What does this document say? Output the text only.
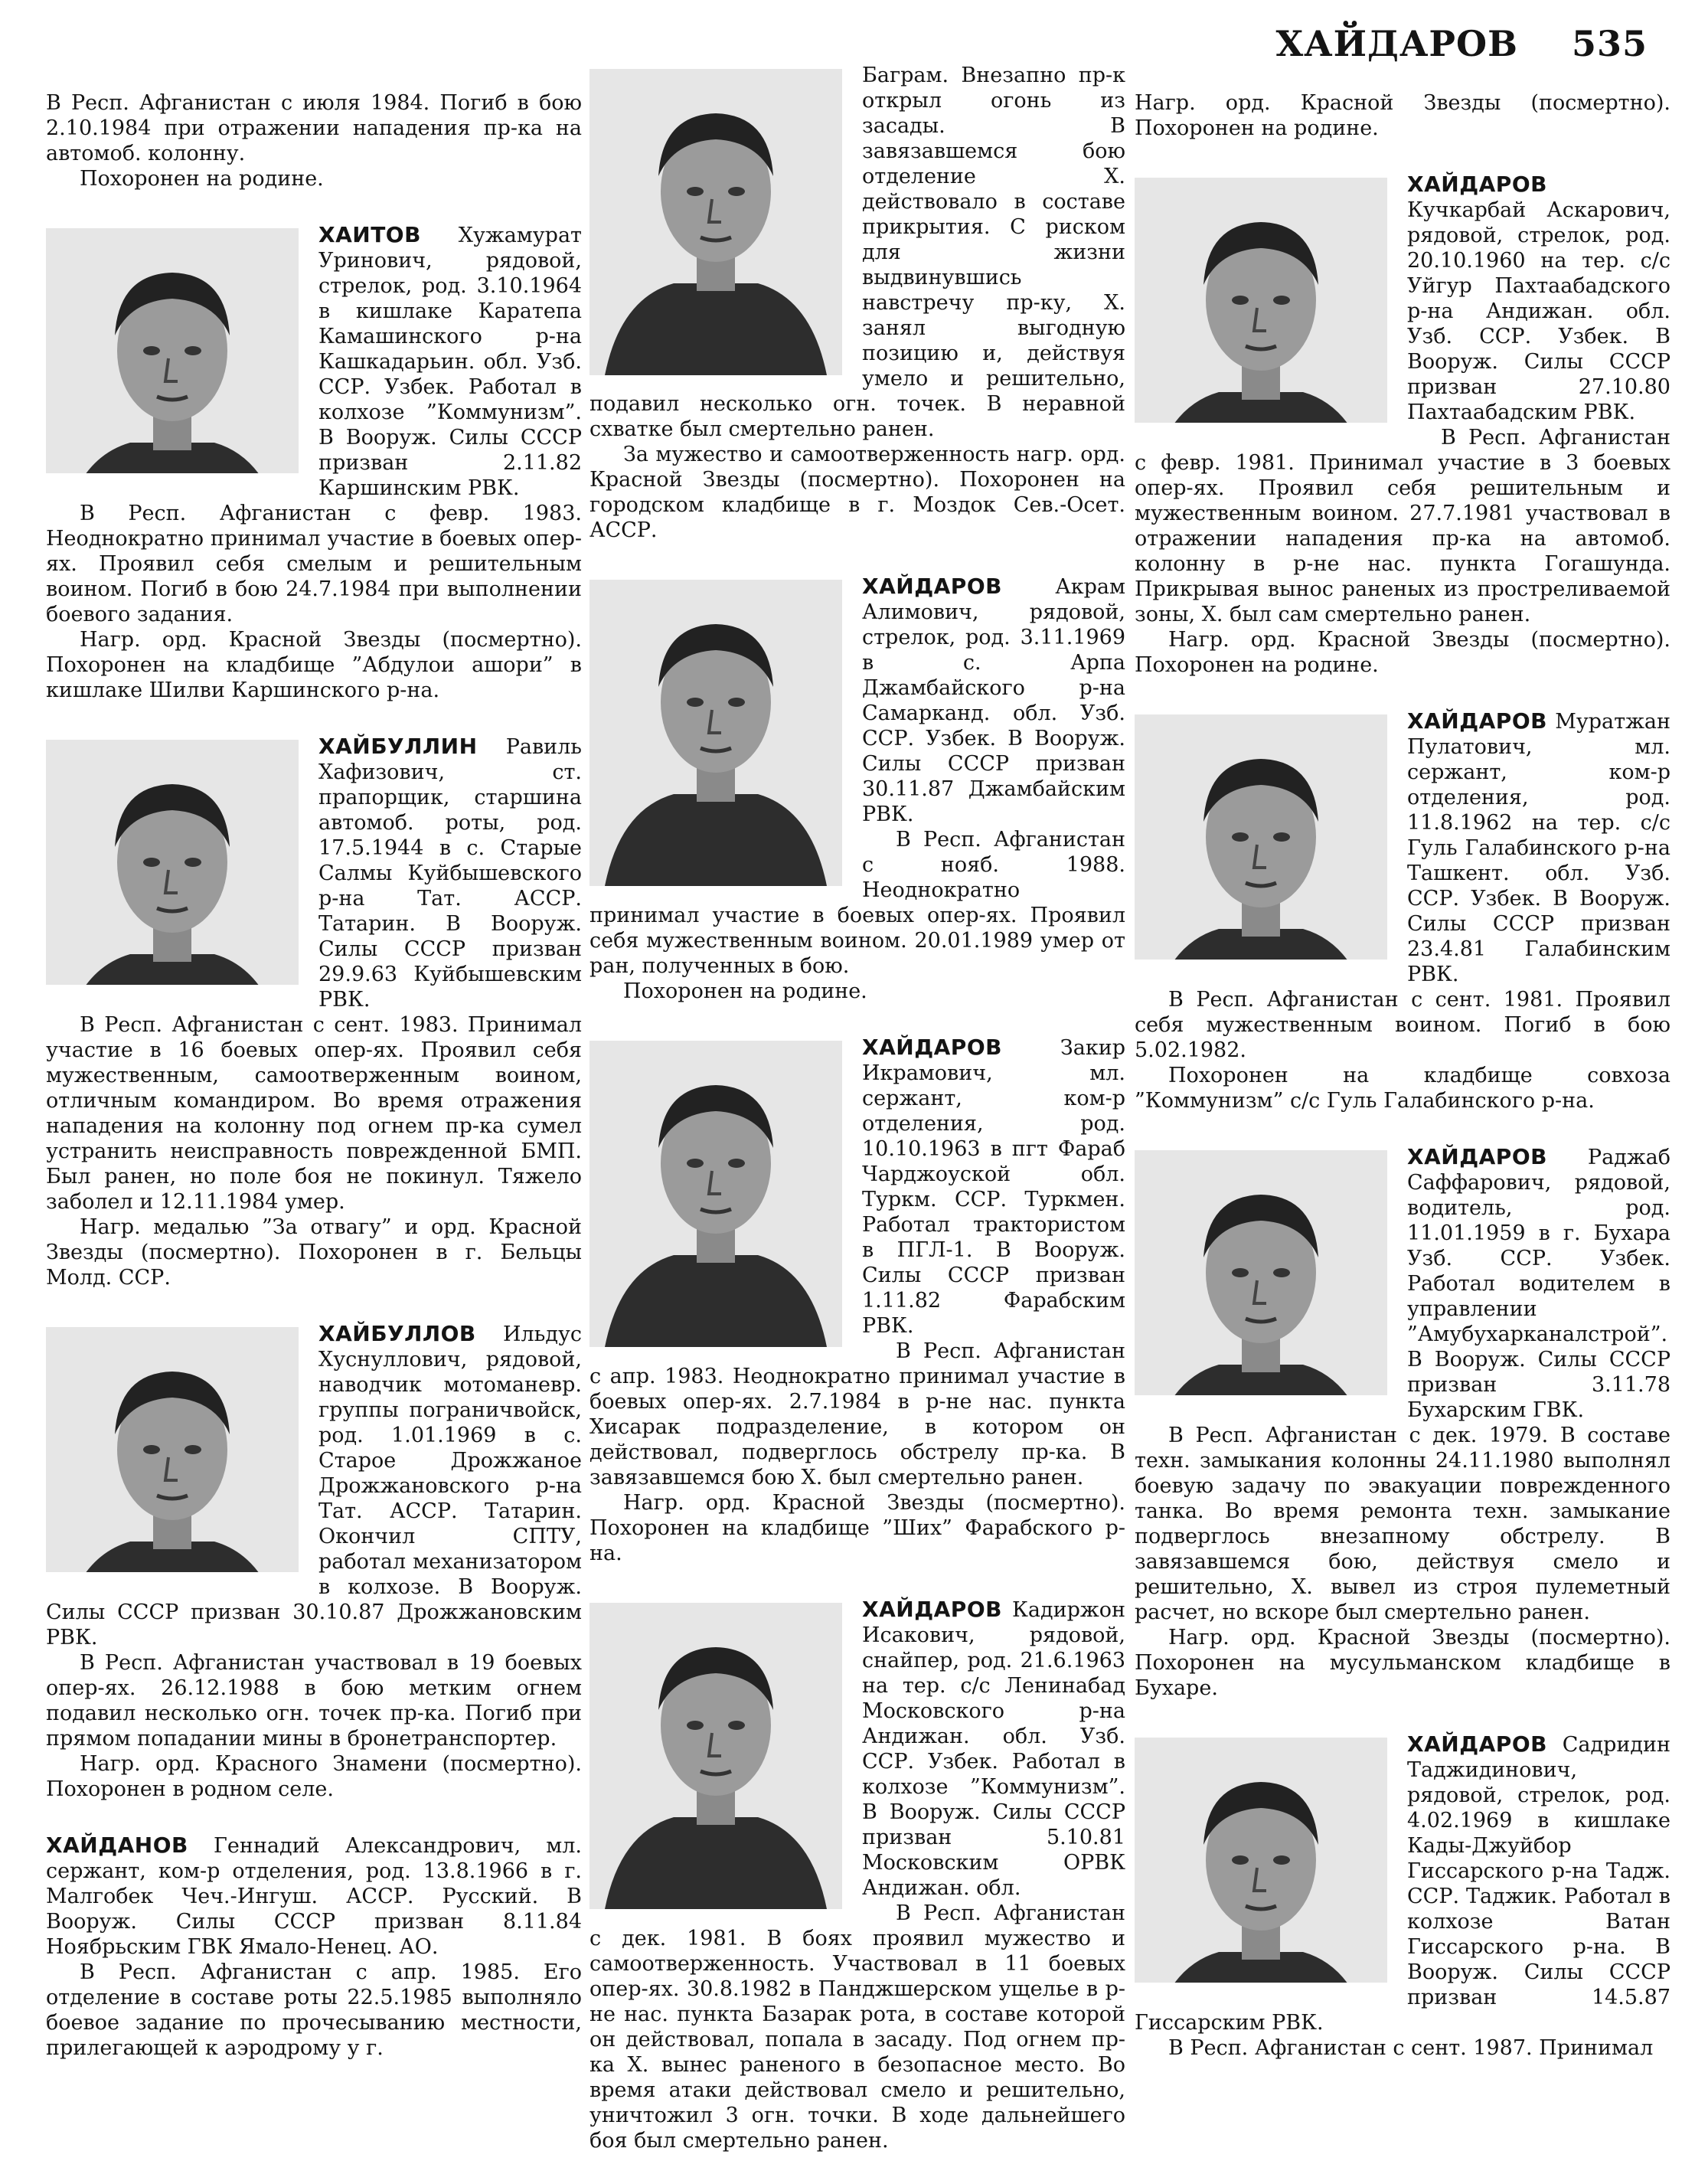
ХАЙДАРОВ 535

В Респ. Афганистан с июля 1984. Погиб в бою 2.10.1984 при отражении нападения пр-ка на автомоб. колонну.

Похоронен на родине.

ХАИТОВ Хужамурат Уринович, рядовой, стрелок, род. 3.10.1964 в кишлаке Каратепа Камашинского р-на Кашкадарьин. обл. Узб. ССР. Узбек. Работал в колхозе ”Коммунизм”. В Вооруж. Силы СССР призван 2.11.82 Каршинским РВК.

В Респ. Афганистан с февр. 1983. Неоднократно принимал участие в боевых опер-ях. Проявил себя смелым и решительным воином. Погиб в бою 24.7.1984 при выполнении боевого задания.

Нагр. орд. Красной Звезды (посмертно). Похоронен на кладбище ”Абдулои ашори” в кишлаке Шилви Каршинского р-на.

ХАЙБУЛЛИН Равиль Хафизович, ст. прапорщик, старшина автомоб. роты, род. 17.5.1944 в с. Старые Салмы Куйбышевского р-на Тат. АССР. Татарин. В Вооруж. Силы СССР призван 29.9.63 Куйбышевским РВК.

В Респ. Афганистан с сент. 1983. Принимал участие в 16 боевых опер-ях. Проявил себя мужественным, самоотверженным воином, отличным командиром. Во время отражения нападения на колонну под огнем пр-ка сумел устранить неисправность поврежденной БМП. Был ранен, но поле боя не покинул. Тяжело заболел и 12.11.1984 умер.

Нагр. медалью ”За отвагу” и орд. Красной Звезды (посмертно). Похоронен в г. Бельцы Молд. ССР.

ХАЙБУЛЛОВ Ильдус Хуснуллович, рядовой, наводчик мотоманевр. группы пограничвойск, род. 1.01.1969 в с. Старое Дрожжаное Дрожжановского р-на Тат. АССР. Татарин. Окончил СПТУ, работал механизатором в колхозе. В Вооруж. Силы СССР призван 30.10.87 Дрожжановским РВК.

В Респ. Афганистан участвовал в 19 боевых опер-ях. 26.12.1988 в бою метким огнем подавил несколько огн. точек пр-ка. Погиб при прямом попадании мины в бронетранспортер.

Нагр. орд. Красного Знамени (посмертно). Похоронен в родном селе.

ХАЙДАНОВ Геннадий Александрович, мл. сержант, ком-р отделения, род. 13.8.1966 в г. Малгобек Чеч.-Ингуш. АССР. Русский. В Вооруж. Силы СССР призван 8.11.84 Ноябрьским ГВК Ямало-Ненец. АО.

В Респ. Афганистан с апр. 1985. Его отделение в составе роты 22.5.1985 выполняло боевое задание по прочесыванию местности, прилегающей к аэродрому у г.

Баграм. Внезапно пр-к открыл огонь из засады. В завязавшемся бою отделение Х. действовало в составе прикрытия. С риском для жизни выдвинувшись навстречу пр-ку, Х. занял выгодную позицию и, действуя умело и решительно, подавил несколько огн. точек. В неравной схватке был смертельно ранен.

За мужество и самоотверженность нагр. орд. Красной Звезды (посмертно). Похоронен на городском кладбище в г. Моздок Сев.-Осет. АССР.

ХАЙДАРОВ	Акрам Алимович, рядовой, стрелок, род. 3.11.1969 в с. Арпа Джамбайского р-на Самарканд. обл. Узб. ССР. Узбек. В Вооруж. Силы СССР призван 30.11.87 Джамбайским РВК.

В Респ. Афганистан с нояб. 1988. Неоднократно принимал участие в боевых опер-ях. Проявил себя мужественным воином. 20.01.1989 умер от ран, полученных в бою.

Похоронен на родине.

ХАЙДАРОВ	Закир Икрамович, мл. сержант, ком-р отделения, род. 10.10.1963 в пгт Фараб Чарджоуской обл. Туркм. ССР. Туркмен. Работал трактористом в ПГЛ-1. В Вооруж. Силы СССР призван 1.11.82 Фарабским РВК.

В Респ. Афганистан с апр. 1983. Неоднократно принимал участие в боевых опер-ях. 2.7.1984 в р-не нас. пункта Хисарак подразделение, в котором он действовал, подверглось обстрелу пр-ка. В завязавшемся бою Х. был смертельно ранен.

Нагр. орд. Красной Звезды (посмертно). Похоронен на кладбище ”Ших” Фарабского р-на.

ХАЙДАРОВ Кадиржон Исакович, рядовой, снайпер, род. 21.6.1963 на тер. с/с Ленинабад Московского р-на Андижан. обл. Узб. ССР. Узбек. Работал в колхозе ”Коммунизм”. В Вооруж. Силы СССР призван 5.10.81 Московским ОРВК Андижан. обл.

В Респ. Афганистан с дек. 1981. В боях проявил мужество и самоотверженность. Участвовал в 11 боевых опер-ях. 30.8.1982 в Панджшерском ущелье в р-не нас. пункта Базарак рота, в составе которой он действовал, попала в засаду. Под огнем пр-ка Х. вынес раненого в безопасное место. Во время атаки действовал смело и решительно, уничтожил 3 огн. точки. В ходе дальнейшего боя был смертельно ранен.

Нагр. орд. Красной Звезды (посмертно). Похоронен на родине.

ХАЙДАРОВ Кучкарбай Аскарович, рядовой, стрелок, род. 20.10.1960 на тер. с/с Уйгур Пахтаабадского р-на Андижан. обл. Узб. ССР. Узбек. В Вооруж. Силы СССР призван 27.10.80 Пахтаабадским РВК.

В Респ. Афганистан с февр. 1981. Принимал участие в 3 боевых опер-ях. Проявил себя решительным и мужественным воином. 27.7.1981 участвовал в отражении нападения пр-ка на автомоб. колонну в р-не нас. пункта Гогашунда. Прикрывая вынос раненых из простреливаемой зоны, Х. был сам смертельно ранен.

Нагр. орд. Красной Звезды (посмертно). Похоронен на родине.

ХАЙДАРОВ Муратжан Пулатович, мл. сержант, ком-р отделения, род. 11.8.1962 на тер. с/с Гуль Галабинского р-на Ташкент. обл. Узб. ССР. Узбек. В Вооруж. Силы СССР призван 23.4.81 Галабинским РВК.

В Респ. Афганистан с сент. 1981. Проявил себя мужественным воином. Погиб в бою 5.02.1982.

Похоронен на кладбище совхоза ”Коммунизм” с/с Гуль Галабинского р-на.

ХАЙДАРОВ Раджаб Саффарович, рядовой, водитель, род. 11.01.1959 в г. Бухара Узб. ССР. Узбек. Работал водителем в управлении ”Амубухарканалстрой”. В Вооруж. Силы СССР призван 3.11.78 Бухарским ГВК.

В Респ. Афганистан с дек. 1979. В составе техн. замыкания колонны 24.11.1980 выполнял боевую задачу по эвакуации поврежденного танка. Во время ремонта техн. замыкание подверглось внезапному обстрелу. В завязавшемся бою, действуя смело и решительно, Х. вывел из строя пулеметный расчет, но вскоре был смертельно ранен.

Нагр. орд. Красной Звезды (посмертно). Похоронен на мусульманском кладбище в Бухаре.

ХАЙДАРОВ Садридин Таджидинович, рядовой, стрелок, род. 4.02.1969 в кишлаке Кады-Джуйбор Гиссарского р-на Тадж. ССР. Таджик. Работал в колхозе Ватан Гиссарского р-на. В Вооруж. Силы СССР призван 14.5.87 Гиссарским РВК.

В Респ. Афганистан с сент. 1987. Принимал
